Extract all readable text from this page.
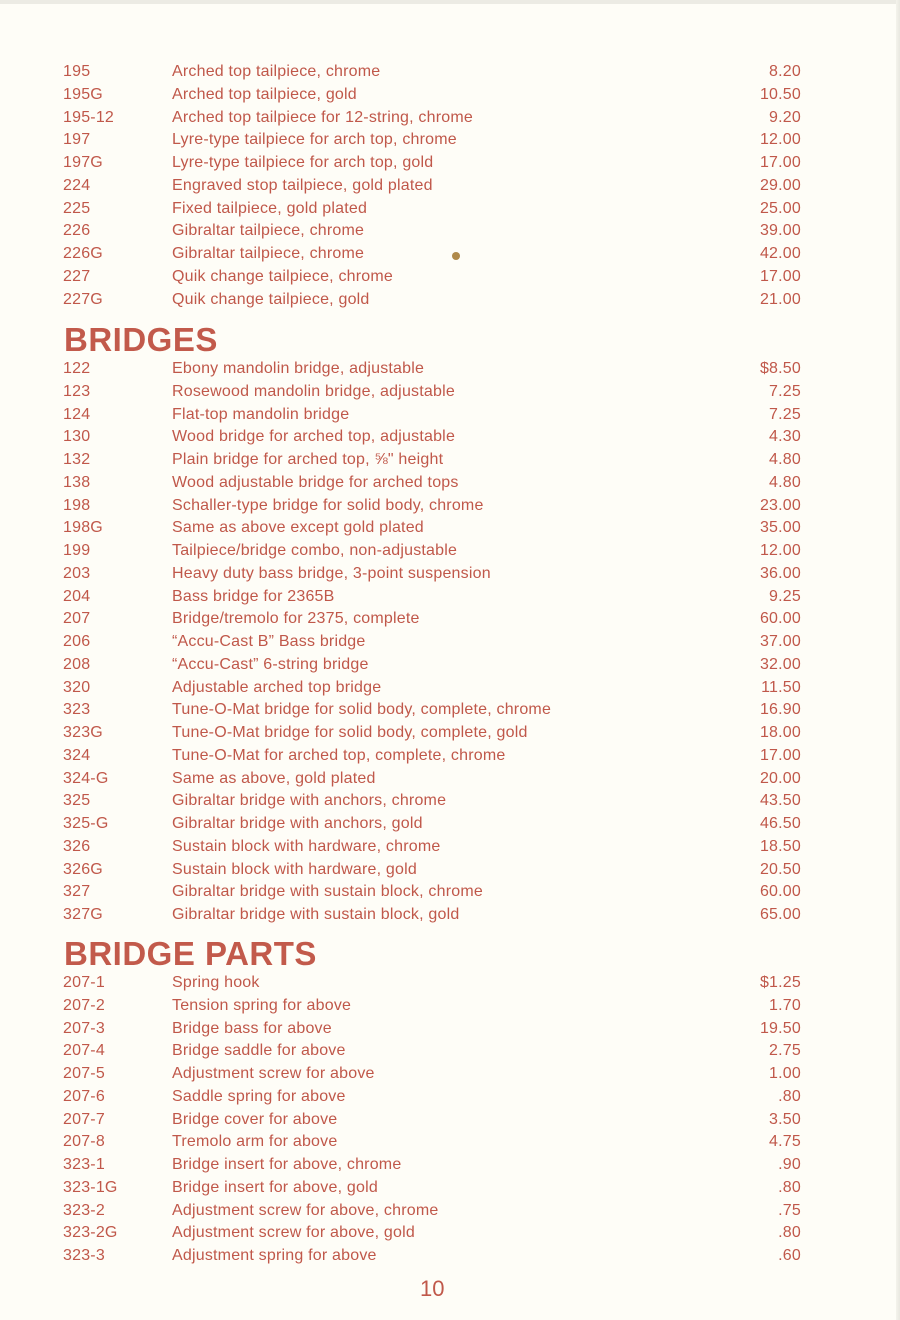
195	Arched top tailpiece, chrome	8.20
195G	Arched top tailpiece, gold	10.50
195-12	Arched top tailpiece for 12-string, chrome	9.20
197	Lyre-type tailpiece for arch top, chrome	12.00
197G	Lyre-type tailpiece for arch top, gold	17.00
224	Engraved stop tailpiece, gold plated	29.00
225	Fixed tailpiece, gold plated	25.00
226	Gibraltar tailpiece, chrome	39.00
226G	Gibraltar tailpiece, chrome	42.00
227	Quik change tailpiece, chrome	17.00
227G	Quik change tailpiece, gold	21.00
BRIDGES
122	Ebony mandolin bridge, adjustable	$8.50
123	Rosewood mandolin bridge, adjustable	7.25
124	Flat-top mandolin bridge	7.25
130	Wood bridge for arched top, adjustable	4.30
132	Plain bridge for arched top, ⅝" height	4.80
138	Wood adjustable bridge for arched tops	4.80
198	Schaller-type bridge for solid body, chrome	23.00
198G	Same as above except gold plated	35.00
199	Tailpiece/bridge combo, non-adjustable	12.00
203	Heavy duty bass bridge, 3-point suspension	36.00
204	Bass bridge for 2365B	9.25
207	Bridge/tremolo for 2375, complete	60.00
206	“Accu-Cast B” Bass bridge	37.00
208	“Accu-Cast” 6-string bridge	32.00
320	Adjustable arched top bridge	11.50
323	Tune-O-Mat bridge for solid body, complete, chrome	16.90
323G	Tune-O-Mat bridge for solid body, complete, gold	18.00
324	Tune-O-Mat for arched top, complete, chrome	17.00
324-G	Same as above, gold plated	20.00
325	Gibraltar bridge with anchors, chrome	43.50
325-G	Gibraltar bridge with anchors, gold	46.50
326	Sustain block with hardware, chrome	18.50
326G	Sustain block with hardware, gold	20.50
327	Gibraltar bridge with sustain block, chrome	60.00
327G	Gibraltar bridge with sustain block, gold	65.00
BRIDGE PARTS
207-1	Spring hook	$1.25
207-2	Tension spring for above	1.70
207-3	Bridge bass for above	19.50
207-4	Bridge saddle for above	2.75
207-5	Adjustment screw for above	1.00
207-6	Saddle spring for above	.80
207-7	Bridge cover for above	3.50
207-8	Tremolo arm for above	4.75
323-1	Bridge insert for above, chrome	.90
323-1G	Bridge insert for above, gold	.80
323-2	Adjustment screw for above, chrome	.75
323-2G	Adjustment screw for above, gold	.80
323-3	Adjustment spring for above	.60
10
